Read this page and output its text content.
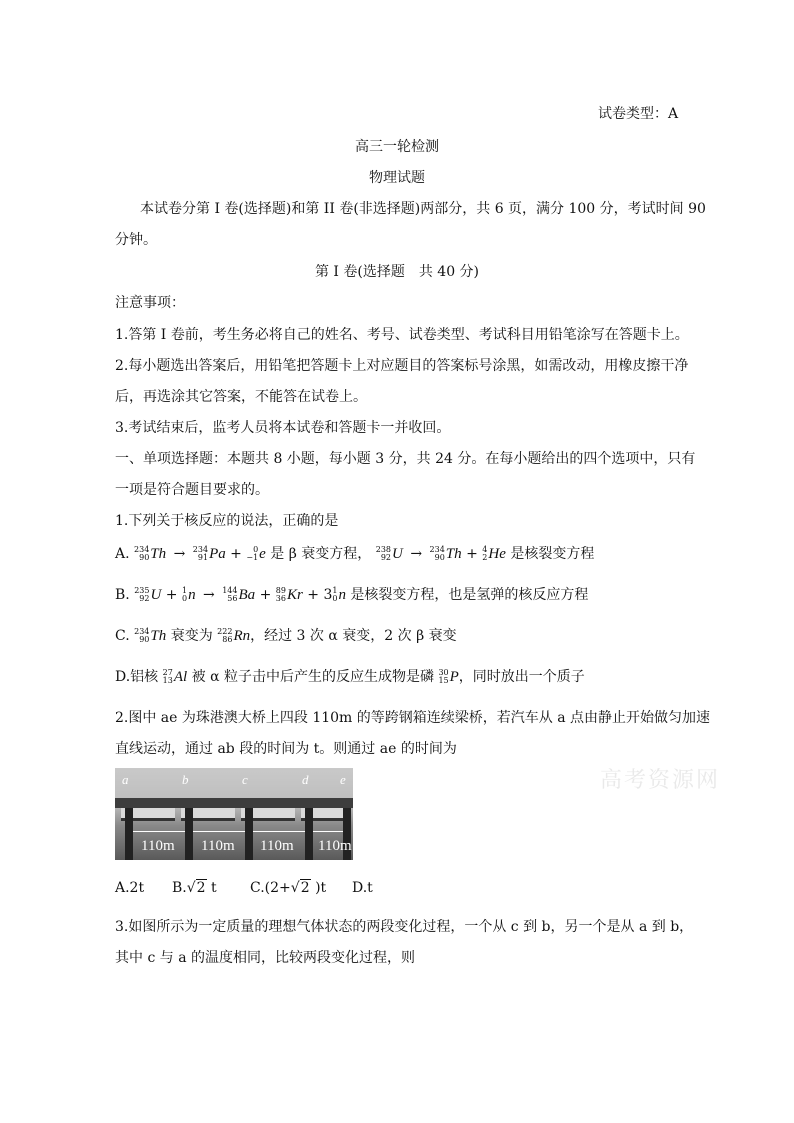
试卷类型：A
高三一轮检测
物理试题
本试卷分第 I 卷(选择题)和第 II 卷(非选择题)两部分，共 6 页，满分 100 分，考试时间 90
分钟。
第 I 卷(选择题　共 40 分)
注意事项：
1.答第 I 卷前，考生务必将自己的姓名、考号、试卷类型、考试科目用铅笔涂写在答题卡上。
2.每小题选出答案后，用铅笔把答题卡上对应题目的答案标号涂黑，如需改动，用橡皮擦干净
后，再选涂其它答案，不能答在试卷上。
3.考试结束后，监考人员将本试卷和答题卡一并收回。
一、单项选择题：本题共 8 小题，每小题 3 分，共 24 分。在每小题给出的四个选项中，只有
一项是符合题目要求的。
1.下列关于核反应的说法，正确的是
A. 234
90 Th → 234
91 Pa + 0
−1 e 是 β 衰变方程， 238
92 U → 234
90 Th + 4
2 He 是核裂变方程
B. 235
92 U + 1
0 n → 144
56 Ba + 89
36 Kr + 3 1
0 n 是核裂变方程，也是氢弹的核反应方程
C. 234
90 Th 衰变为 222
86 Rn，经过 3 次 α 衰变，2 次 β 衰变
D.铝核 27
13 Al 被 α 粒子击中后产生的反应生成物是磷 30
15 P，同时放出一个质子
2.图中 ae 为珠港澳大桥上四段 110m 的等跨钢箱连续梁桥，若汽车从 a 点由静止开始做匀加速
直线运动，通过 ab 段的时间为 t。则通过 ae 的时间为
a	b	c	d e
110m 110m 110m 110m
高考资源网
A.2t B.√2 t C.(2+√2 )t D.t
3.如图所示为一定质量的理想气体状态的两段变化过程，一个从 c 到 b，另一个是从 a 到 b，
其中 c 与 a 的温度相同，比较两段变化过程，则
